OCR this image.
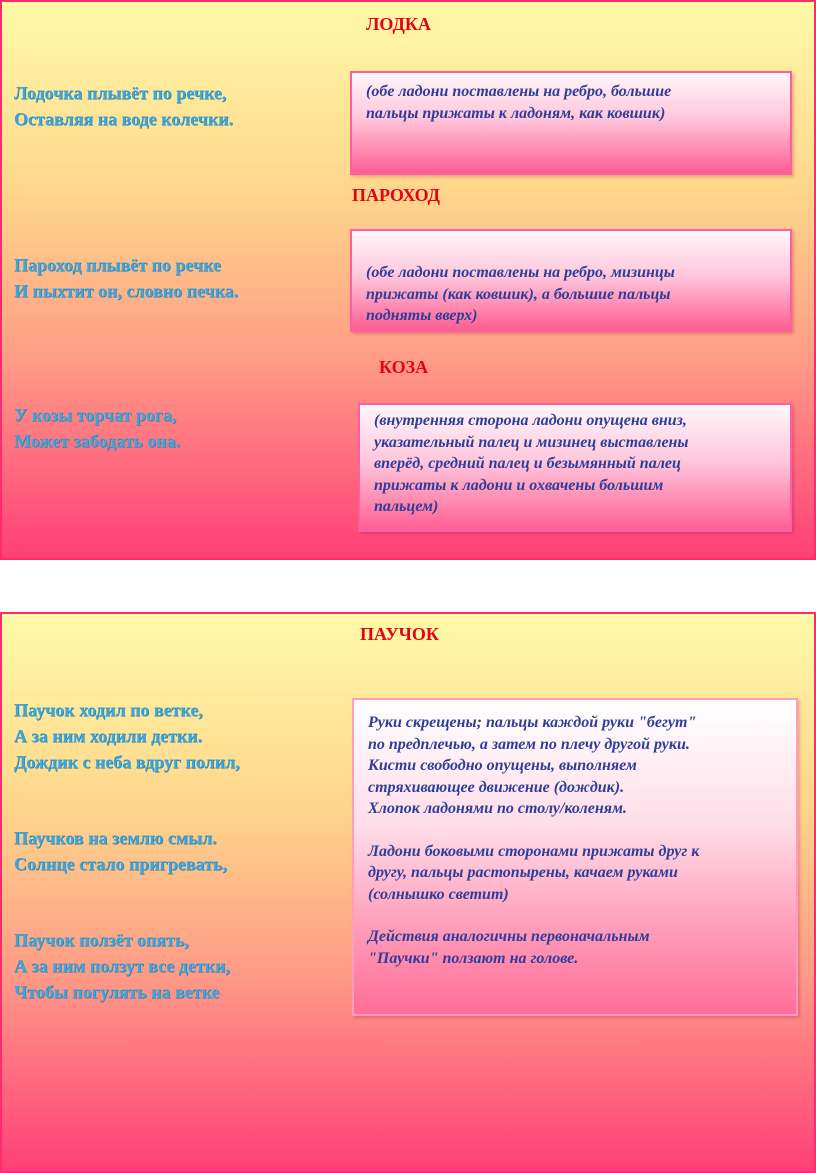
ЛОДКА
Лодочка плывёт по речке,
Оставляя на воде колечки.
(обе ладони поставлены на ребро, большие
пальцы прижаты к ладоням, как ковшик)
ПАРОХОД
Пароход плывёт по речке
И пыхтит он, словно печка.
(обе ладони поставлены на ребро, мизинцы
прижаты (как ковшик), а большие пальцы
подняты вверх)
КОЗА
У козы торчат рога,
Может забодать она.
(внутренняя сторона ладони опущена вниз,
указательный палец и мизинец выставлены
вперёд, средний палец и безымянный палец
прижаты к ладони и охвачены большим
пальцем)
ПАУЧОК
Паучок ходил по ветке,
А за ним ходили детки.
Дождик с неба вдруг полил,
Паучков на землю смыл.
Солнце стало пригревать,
Паучок ползёт опять,
А за ним ползут все детки,
Чтобы погулять на ветке
Руки скрещены; пальцы каждой руки "бегут"
по предплечью, а затем по плечу другой руки.
Кисти свободно опущены, выполняем
стряхивающее движение (дождик).
Хлопок ладонями по столу/коленям.
Ладони боковыми сторонами прижаты друг к
другу, пальцы растопырены, качаем руками
(солнышко светит)
Действия аналогичны первоначальным
"Паучки" ползают на голове.
